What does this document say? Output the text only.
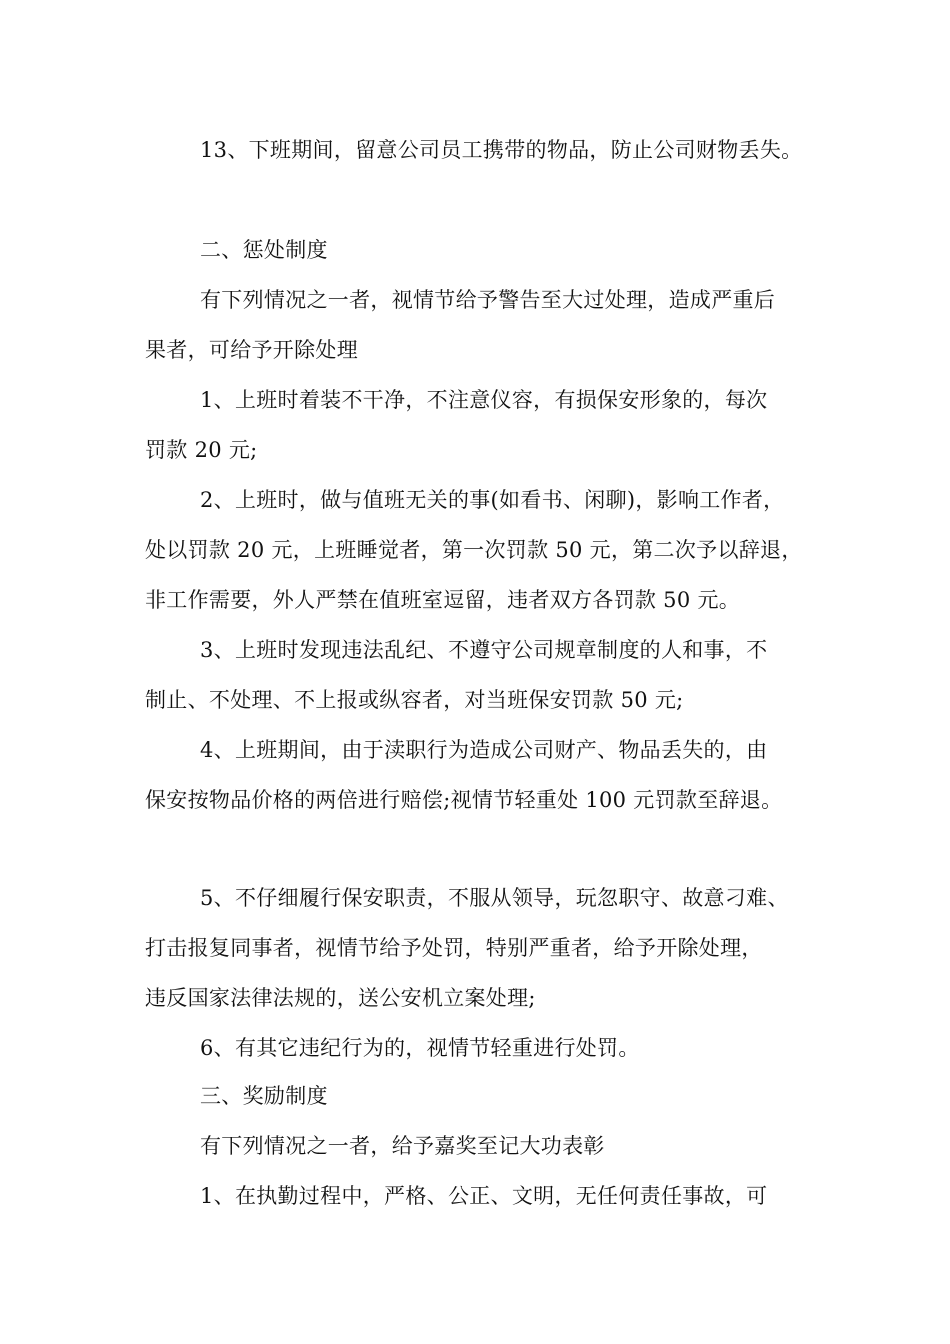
13、下班期间，留意公司员工携带的物品，防止公司财物丢失。
二、惩处制度
有下列情况之一者，视情节给予警告至大过处理，造成严重后
果者，可给予开除处理
1、上班时着装不干净，不注意仪容，有损保安形象的，每次
罚款 20 元;
2、上班时，做与值班无关的事(如看书、闲聊)，影响工作者，
处以罚款 20 元，上班睡觉者，第一次罚款 50 元，第二次予以辞退，
非工作需要，外人严禁在值班室逗留，违者双方各罚款 50 元。
3、上班时发现违法乱纪、不遵守公司规章制度的人和事，不
制止、不处理、不上报或纵容者，对当班保安罚款 50 元;
4、上班期间，由于渎职行为造成公司财产、物品丢失的，由
保安按物品价格的两倍进行赔偿;视情节轻重处 100 元罚款至辞退。
5、不仔细履行保安职责，不服从领导，玩忽职守、故意刁难、
打击报复同事者，视情节给予处罚，特别严重者，给予开除处理，
违反国家法律法规的，送公安机立案处理;
6、有其它违纪行为的，视情节轻重进行处罚。
三、奖励制度
有下列情况之一者，给予嘉奖至记大功表彰
1、在执勤过程中，严格、公正、文明，无任何责任事故，可
